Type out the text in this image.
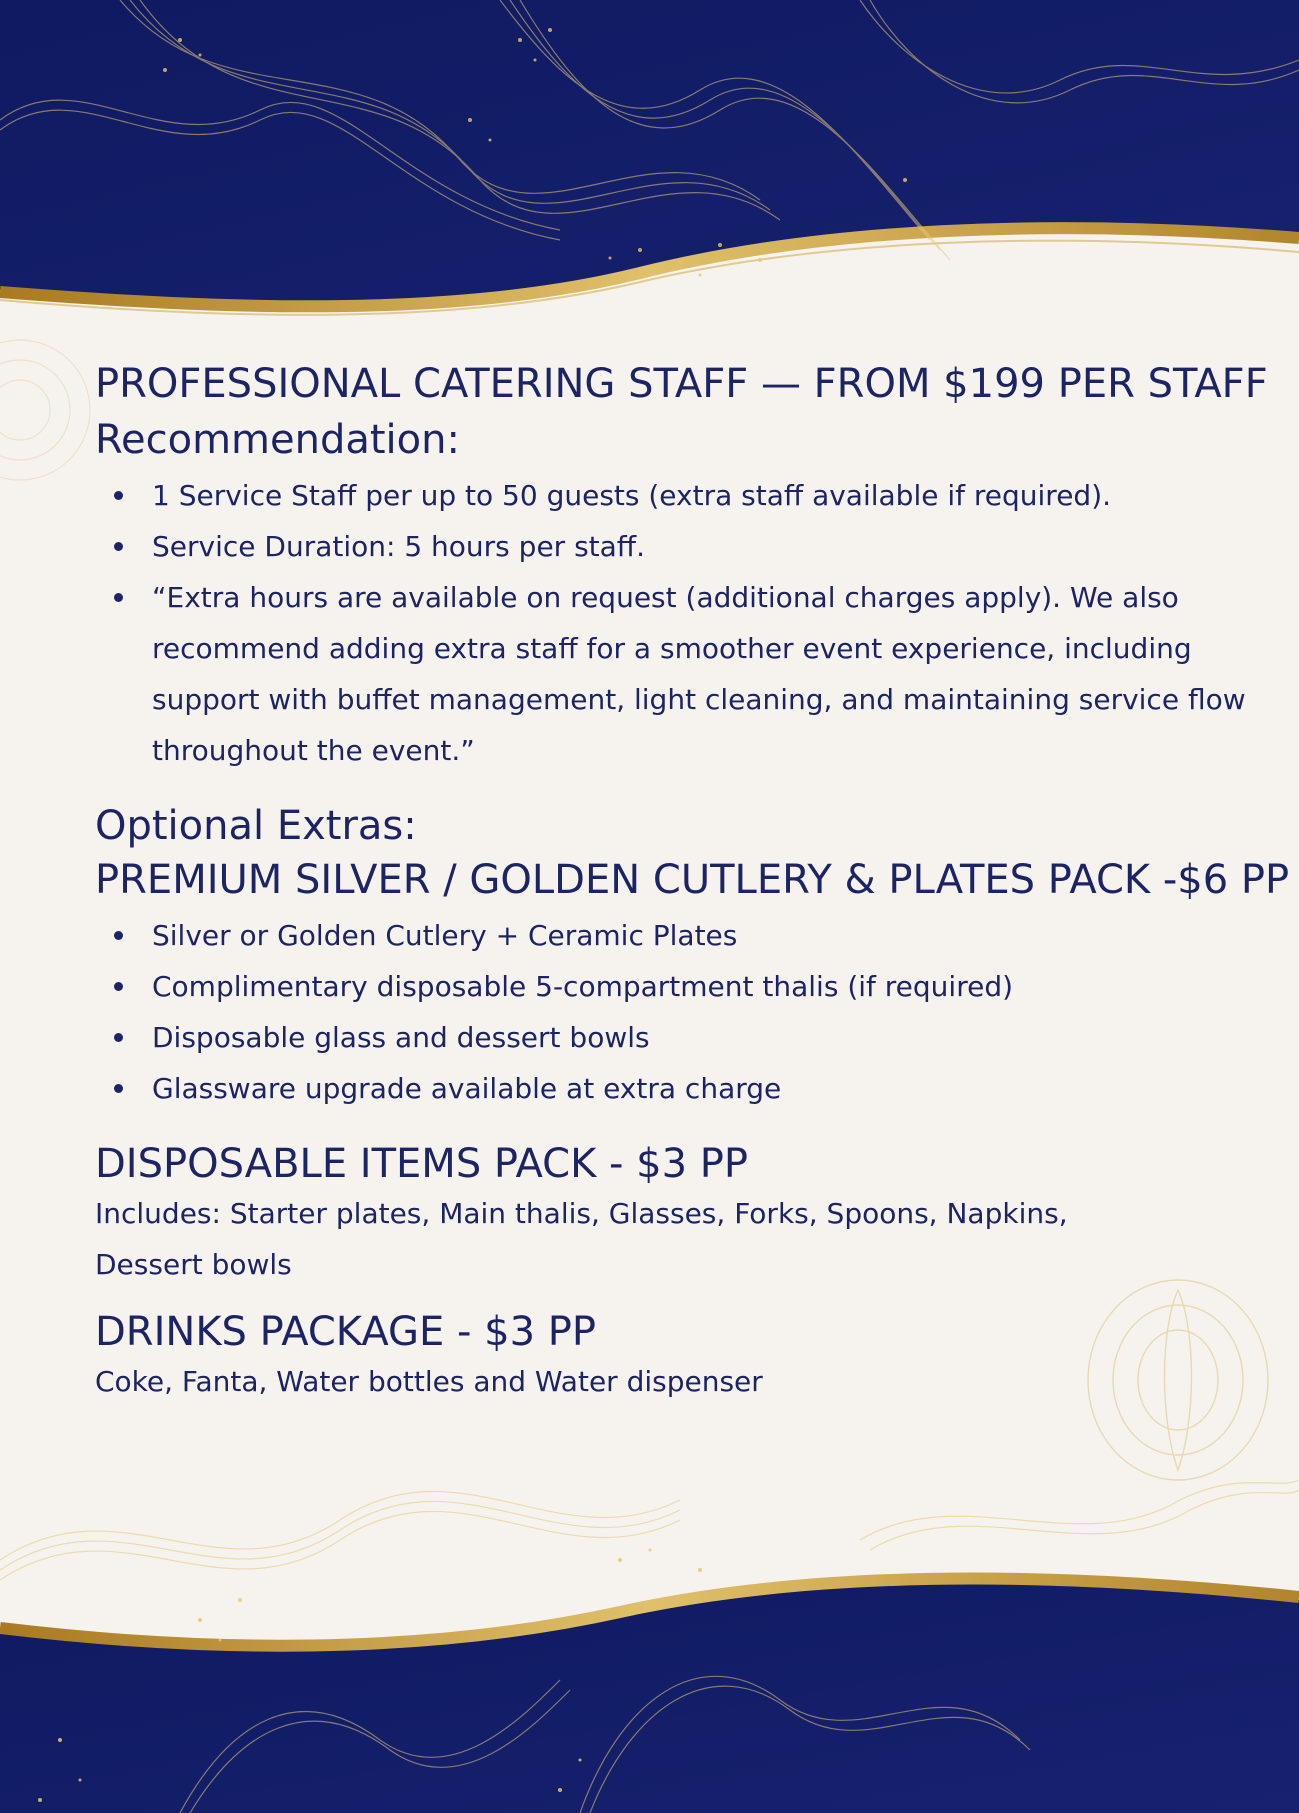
PROFESSIONAL CATERING STAFF — FROM $199 PER STAFF
Recommendation:
1 Service Staff per up to 50 guests (extra staff available if required).
Service Duration: 5 hours per staff.
“Extra hours are available on request (additional charges apply). We also recommend adding extra staff for a smoother event experience, including support with buffet management, light cleaning, and maintaining service flow throughout the event.”
Optional Extras:
PREMIUM SILVER / GOLDEN CUTLERY & PLATES PACK -$6 PP
Silver or Golden Cutlery + Ceramic Plates
Complimentary disposable 5-compartment thalis (if required)
Disposable glass and dessert bowls
Glassware upgrade available at extra charge
DISPOSABLE ITEMS PACK - $3 PP

Includes: Starter plates, Main thalis, Glasses, Forks, Spoons, Napkins, Dessert bowls

DRINKS PACKAGE - $3 PP

Coke, Fanta, Water bottles and Water dispenser
